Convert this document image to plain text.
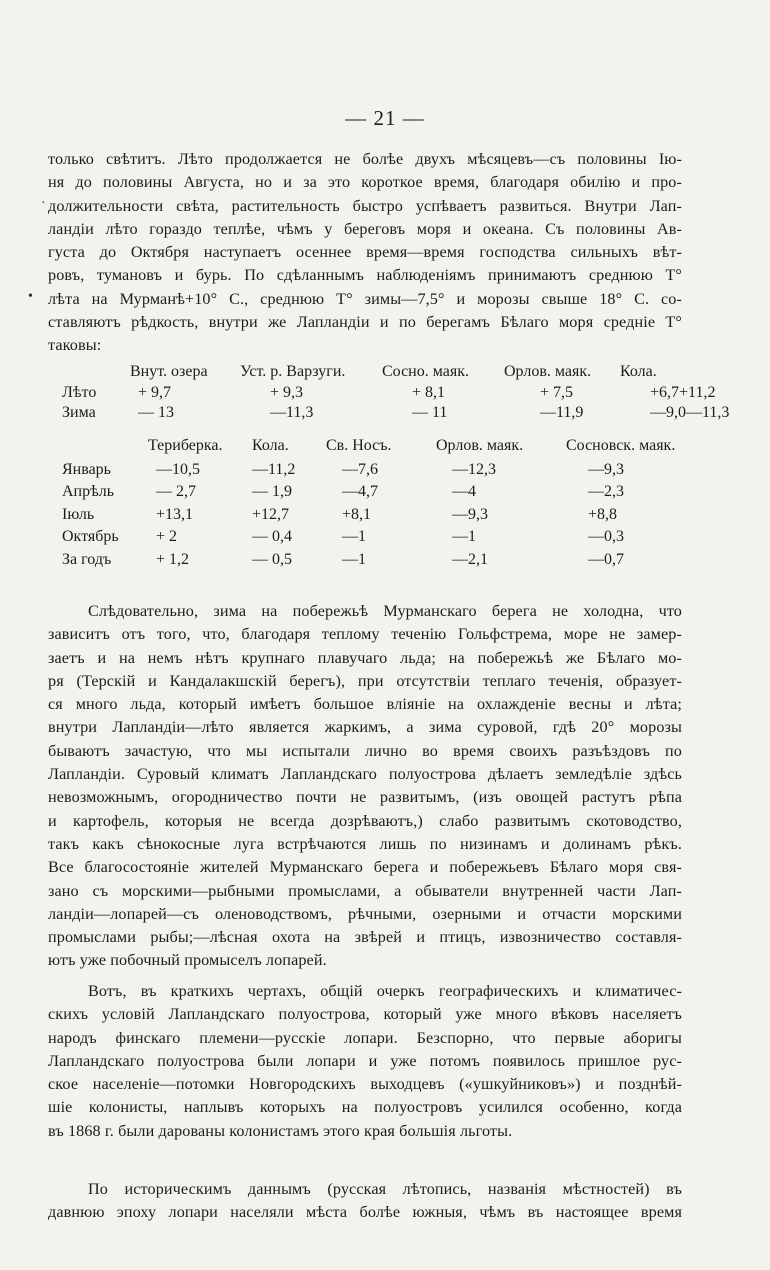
— 21 —
·
•
только свѣтитъ. Лѣто продолжается не болѣе двухъ мѣсяцевъ—съ половины Ію-
ня до половины Августа, но и за это короткое время, благодаря обилію и про-
должительности свѣта, растительность быстро успѣваетъ развиться. Внутри Лап-
ландіи лѣто гораздо теплѣе, чѣмъ у береговъ моря и океана. Съ половины Ав-
густа до Октября наступаетъ осеннее время—время господства сильныхъ вѣт-
ровъ, тумановъ и бурь. По сдѣланнымъ наблюденіямъ принимаютъ среднюю Т°
лѣта на Мурманѣ+10° С., среднюю Т° зимы—7,5° и морозы свыше 18° С. со-
ставляютъ рѣдкость, внутри же Лапландіи и по берегамъ Бѣлаго моря средніе Т°
таковы:
	Внут. озера	Уст. р. Варзуги.	Сосно. маяк.	Орлов. маяк.	Кола.
Лѣто	+ 9,7	+ 9,3	+ 8,1	+ 7,5	+6,7+11,2
Зима	— 13	—11,3	— 11	—11,9	—9,0—11,3
	Териберка.	Кола.	Св. Носъ.	Орлов. маяк.	Сосновск. маяк.
Январь	—10,5	—11,2	—7,6	—12,3	—9,3
Апрѣль	— 2,7	— 1,9	—4,7	—4	—2,3
Іюль	+13,1	+12,7	+8,1	—9,3	+8,8
Октябрь	+ 2	— 0,4	—1	—1	—0,3
За годъ	+ 1,2	— 0,5	—1	—2,1	—0,7
Слѣдовательно, зима на побережьѣ Мурманскаго берега не холодна, что
зависитъ отъ того, что, благодаря теплому теченію Гольфстрема, море не замер-
заетъ и на немъ нѣтъ крупнаго плавучаго льда; на побережьѣ же Бѣлаго мо-
ря (Терскій и Кандалакшскій берегъ), при отсутствіи теплаго теченія, образует-
ся много льда, который имѣетъ большое вліяніе на охлажденіе весны и лѣта;
внутри Лапландіи—лѣто является жаркимъ, а зима суровой, гдѣ 20° морозы
бываютъ зачастую, что мы испытали лично во время своихъ разъѣздовъ по
Лапландіи. Суровый климатъ Лапландскаго полуострова дѣлаетъ земледѣліе здѣсь
невозможнымъ, огородничество почти не развитымъ, (изъ овощей растутъ рѣпа
и картофель, которыя не всегда дозрѣваютъ,) слабо развитымъ скотоводство,
такъ какъ сѣнокосные луга встрѣчаются лишь по низинамъ и долинамъ рѣкъ.
Все благосостояніе жителей Мурманскаго берега и побережьевъ Бѣлаго моря свя-
зано съ морскими—рыбными промыслами, а обыватели внутренней части Лап-
ландіи—лопарей—съ оленоводствомъ, рѣчными, озерными и отчасти морскими
промыслами рыбы;—лѣсная охота на звѣрей и птицъ, извозничество составля-
ютъ уже побочный промыселъ лопарей.
Вотъ, въ краткихъ чертахъ, общій очеркъ географическихъ и климатичес-
скихъ условій Лапландскаго полуострова, который уже много вѣковъ населяетъ
народъ финскаго племени—русскіе лопари. Безспорно, что первые аборигы
Лапландскаго полуострова были лопари и уже потомъ появилось пришлое рус-
ское населеніе—потомки Новгородскихъ выходцевъ («ушкуйниковъ») и позднѣй-
шіе колонисты, наплывъ которыхъ на полуостровъ усилился особенно, когда
въ 1868 г. были дарованы колонистамъ этого края большія льготы.
По историческимъ даннымъ (русская лѣтопись, названія мѣстностей) въ
давнюю эпоху лопари населяли мѣста болѣе южныя, чѣмъ въ настоящее время
